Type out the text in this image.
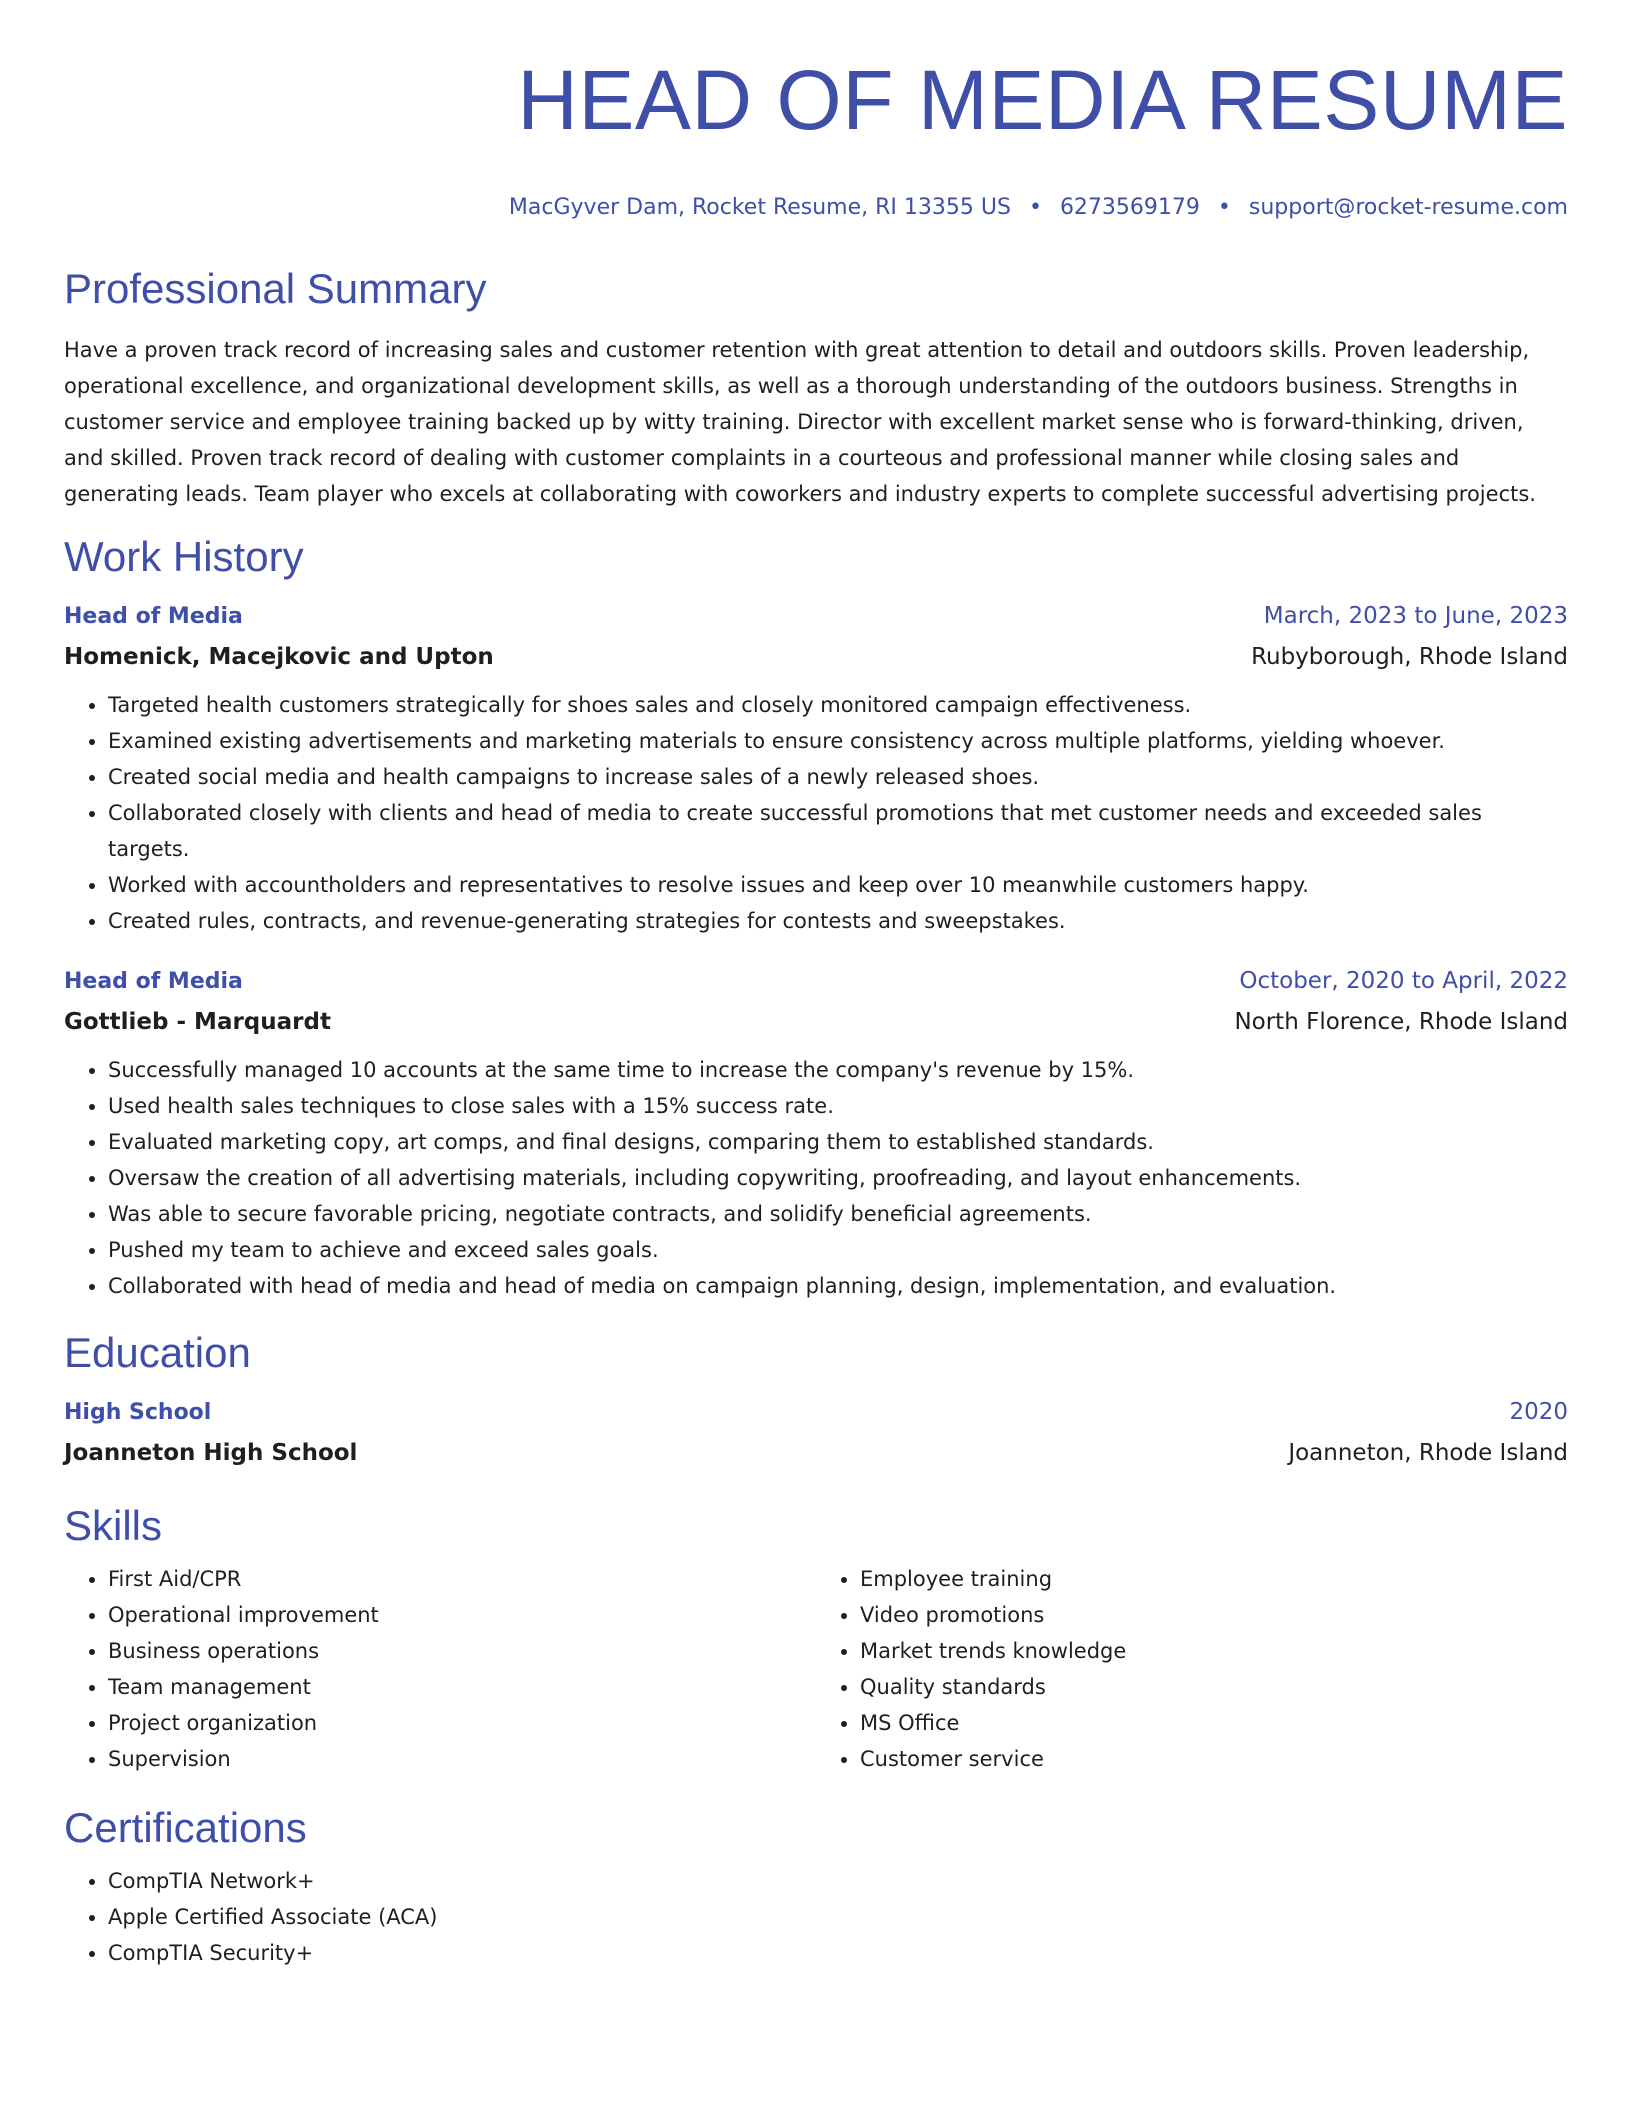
HEAD OF MEDIA RESUME
MacGyver Dam, Rocket Resume, RI 13355 US • 6273569179 • support@rocket-resume.com
Professional Summary
Have a proven track record of increasing sales and customer retention with great attention to detail and outdoors skills. Proven leadership, operational excellence, and organizational development skills, as well as a thorough understanding of the outdoors business. Strengths in customer service and employee training backed up by witty training. Director with excellent market sense who is forward-thinking, driven, and skilled. Proven track record of dealing with customer complaints in a courteous and professional manner while closing sales and generating leads. Team player who excels at collaborating with coworkers and industry experts to complete successful advertising projects.
Work History
Head of Media	March, 2023 to June, 2023
Homenick, Macejkovic and Upton	Rubyborough, Rhode Island
• Targeted health customers strategically for shoes sales and closely monitored campaign effectiveness.
• Examined existing advertisements and marketing materials to ensure consistency across multiple platforms, yielding whoever.
• Created social media and health campaigns to increase sales of a newly released shoes.
• Collaborated closely with clients and head of media to create successful promotions that met customer needs and exceeded sales targets.
• Worked with accountholders and representatives to resolve issues and keep over 10 meanwhile customers happy.
• Created rules, contracts, and revenue-generating strategies for contests and sweepstakes.
Head of Media	October, 2020 to April, 2022
Gottlieb - Marquardt	North Florence, Rhode Island
• Successfully managed 10 accounts at the same time to increase the company's revenue by 15%.
• Used health sales techniques to close sales with a 15% success rate.
• Evaluated marketing copy, art comps, and final designs, comparing them to established standards.
• Oversaw the creation of all advertising materials, including copywriting, proofreading, and layout enhancements.
• Was able to secure favorable pricing, negotiate contracts, and solidify beneficial agreements.
• Pushed my team to achieve and exceed sales goals.
• Collaborated with head of media and head of media on campaign planning, design, implementation, and evaluation.
Education
High School	2020
Joanneton High School	Joanneton, Rhode Island
Skills
• First Aid/CPR
• Operational improvement
• Business operations
• Team management
• Project organization
• Supervision
• Employee training
• Video promotions
• Market trends knowledge
• Quality standards
• MS Office
• Customer service
Certifications
• CompTIA Network+
• Apple Certified Associate (ACA)
• CompTIA Security+
